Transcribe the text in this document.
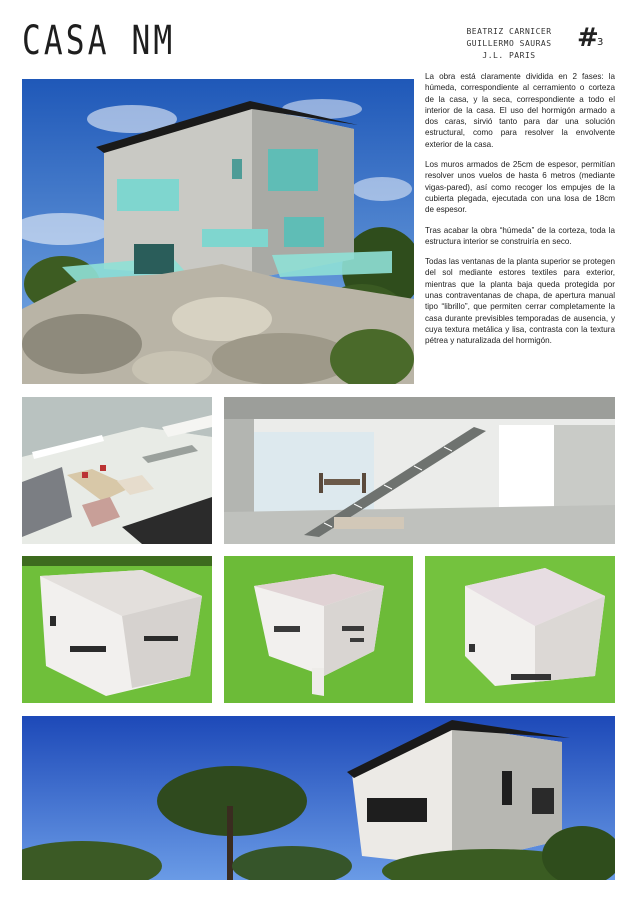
CASA NM	BEATRIZ CARNICER
GUILLERMO SAURAS
J.L. PARIS
#
3

La obra está claramente dividida en 2 fases: la húmeda, correspondiente al cerramiento o corteza de la casa, y la seca, correspondiente a todo el interior de la casa. El uso del hormigón armado a dos caras, sirvió tanto para dar una solución estructural, como para resolver la envolvente exterior de la casa.

Los muros armados de 25cm de espesor, permitían resolver unos vuelos de hasta 6 metros (mediante vigas-pared), así como recoger los empujes de la cubierta plegada, ejecutada con una losa de 18cm de espesor.

Tras acabar la obra “húmeda” de la corteza, toda la estructura interior se construiría en seco.

Todas las ventanas de la planta superior se protegen del sol mediante estores textiles para exterior, mientras que la planta baja queda protegida por unas contraventanas de chapa, de apertura manual tipo “librillo”, que permiten cerrar completamente la casa durante previsibles temporadas de ausencia, y cuya textura metálica y lisa, contrasta con la textura pétrea y naturalizada del hormigón.
